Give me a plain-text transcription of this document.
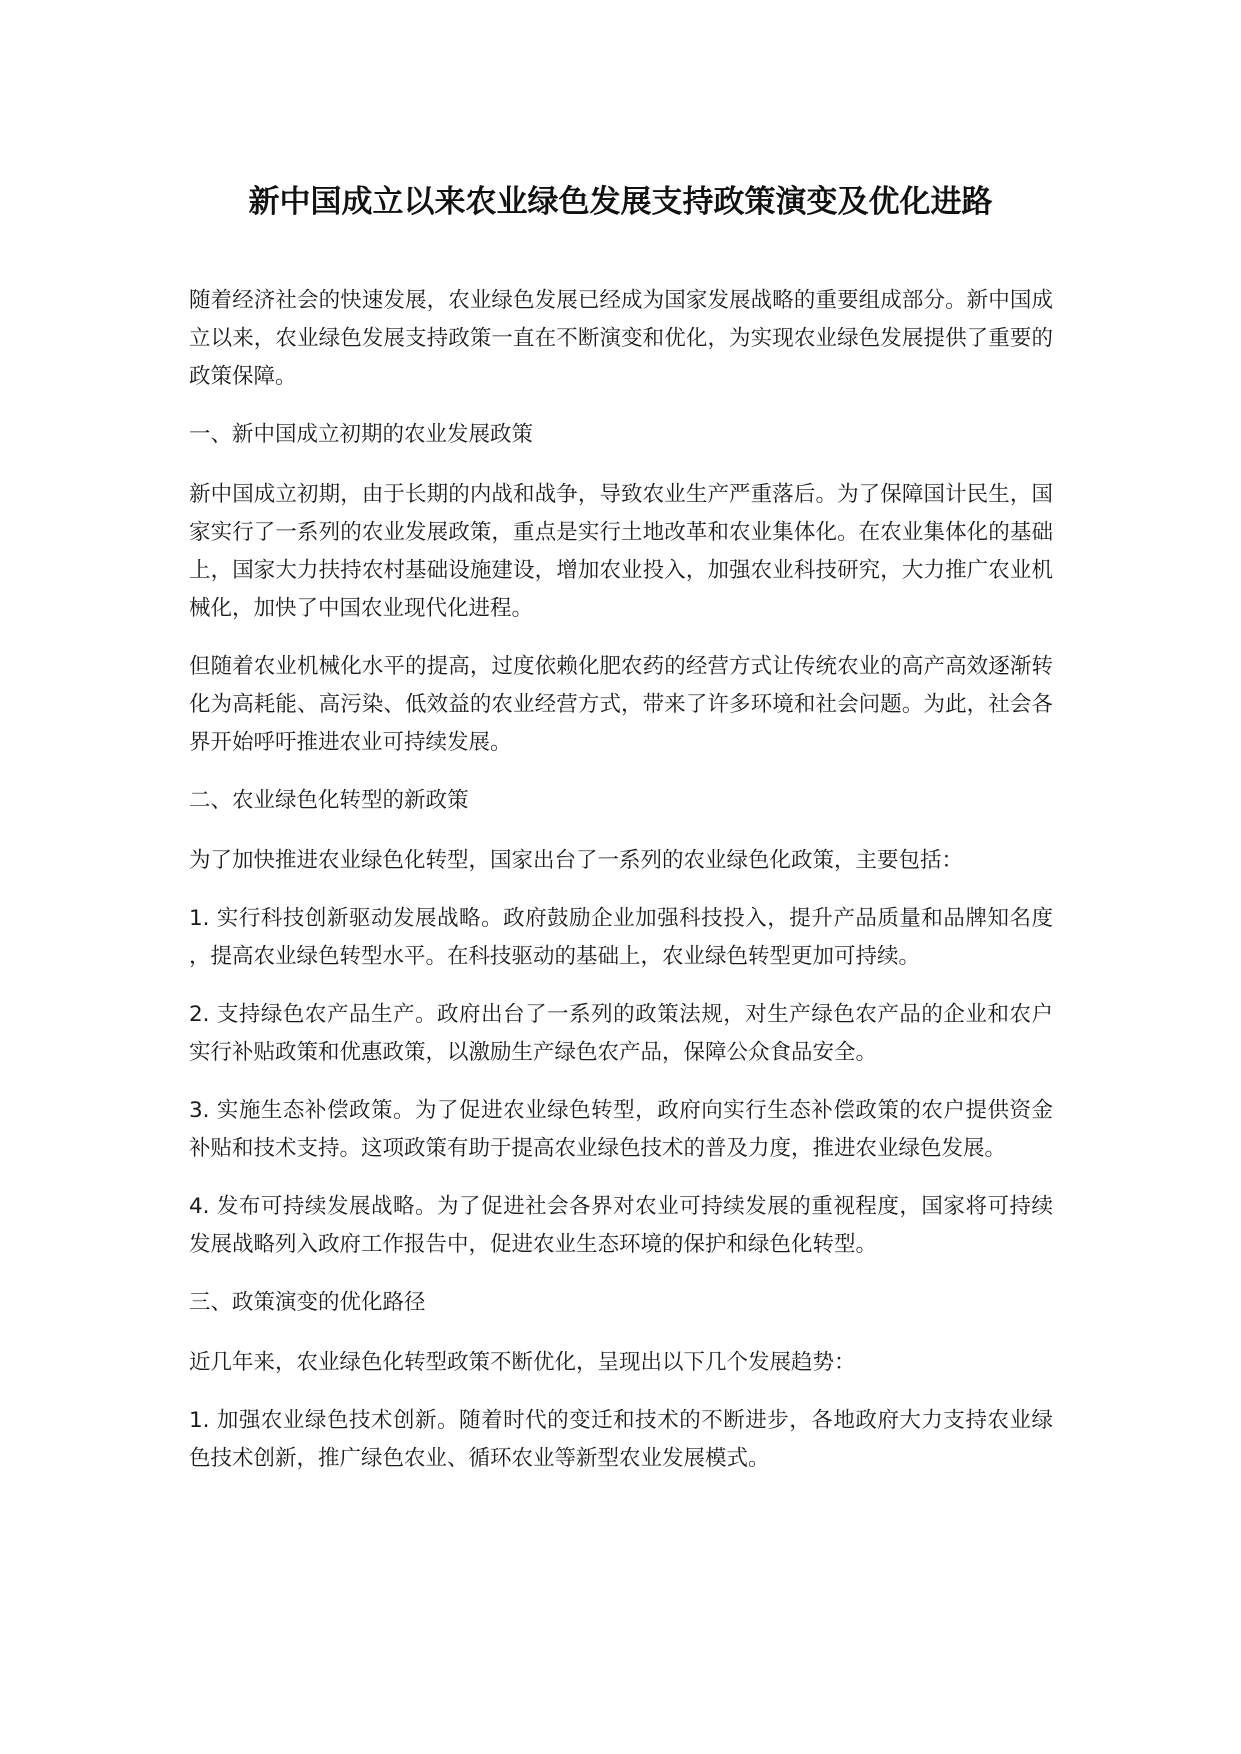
新中国成立以来农业绿色发展支持政策演变及优化进路

随着经济社会的快速发展，农业绿色发展已经成为国家发展战略的重要组成部分。新中国成立以来，农业绿色发展支持政策一直在不断演变和优化，为实现农业绿色发展提供了重要的政策保障。

一、新中国成立初期的农业发展政策

新中国成立初期，由于长期的内战和战争，导致农业生产严重落后。为了保障国计民生，国家实行了一系列的农业发展政策，重点是实行土地改革和农业集体化。在农业集体化的基础上，国家大力扶持农村基础设施建设，增加农业投入，加强农业科技研究，大力推广农业机械化，加快了中国农业现代化进程。

但随着农业机械化水平的提高，过度依赖化肥农药的经营方式让传统农业的高产高效逐渐转化为高耗能、高污染、低效益的农业经营方式，带来了许多环境和社会问题。为此，社会各界开始呼吁推进农业可持续发展。

二、农业绿色化转型的新政策

为了加快推进农业绿色化转型，国家出台了一系列的农业绿色化政策，主要包括：

1. 实行科技创新驱动发展战略。政府鼓励企业加强科技投入，提升产品质量和品牌知名度，提高农业绿色转型水平。在科技驱动的基础上，农业绿色转型更加可持续。

2. 支持绿色农产品生产。政府出台了一系列的政策法规，对生产绿色农产品的企业和农户实行补贴政策和优惠政策，以激励生产绿色农产品，保障公众食品安全。

3. 实施生态补偿政策。为了促进农业绿色转型，政府向实行生态补偿政策的农户提供资金补贴和技术支持。这项政策有助于提高农业绿色技术的普及力度，推进农业绿色发展。

4. 发布可持续发展战略。为了促进社会各界对农业可持续发展的重视程度，国家将可持续发展战略列入政府工作报告中，促进农业生态环境的保护和绿色化转型。

三、政策演变的优化路径

近几年来，农业绿色化转型政策不断优化，呈现出以下几个发展趋势：

1. 加强农业绿色技术创新。随着时代的变迁和技术的不断进步，各地政府大力支持农业绿色技术创新，推广绿色农业、循环农业等新型农业发展模式。
